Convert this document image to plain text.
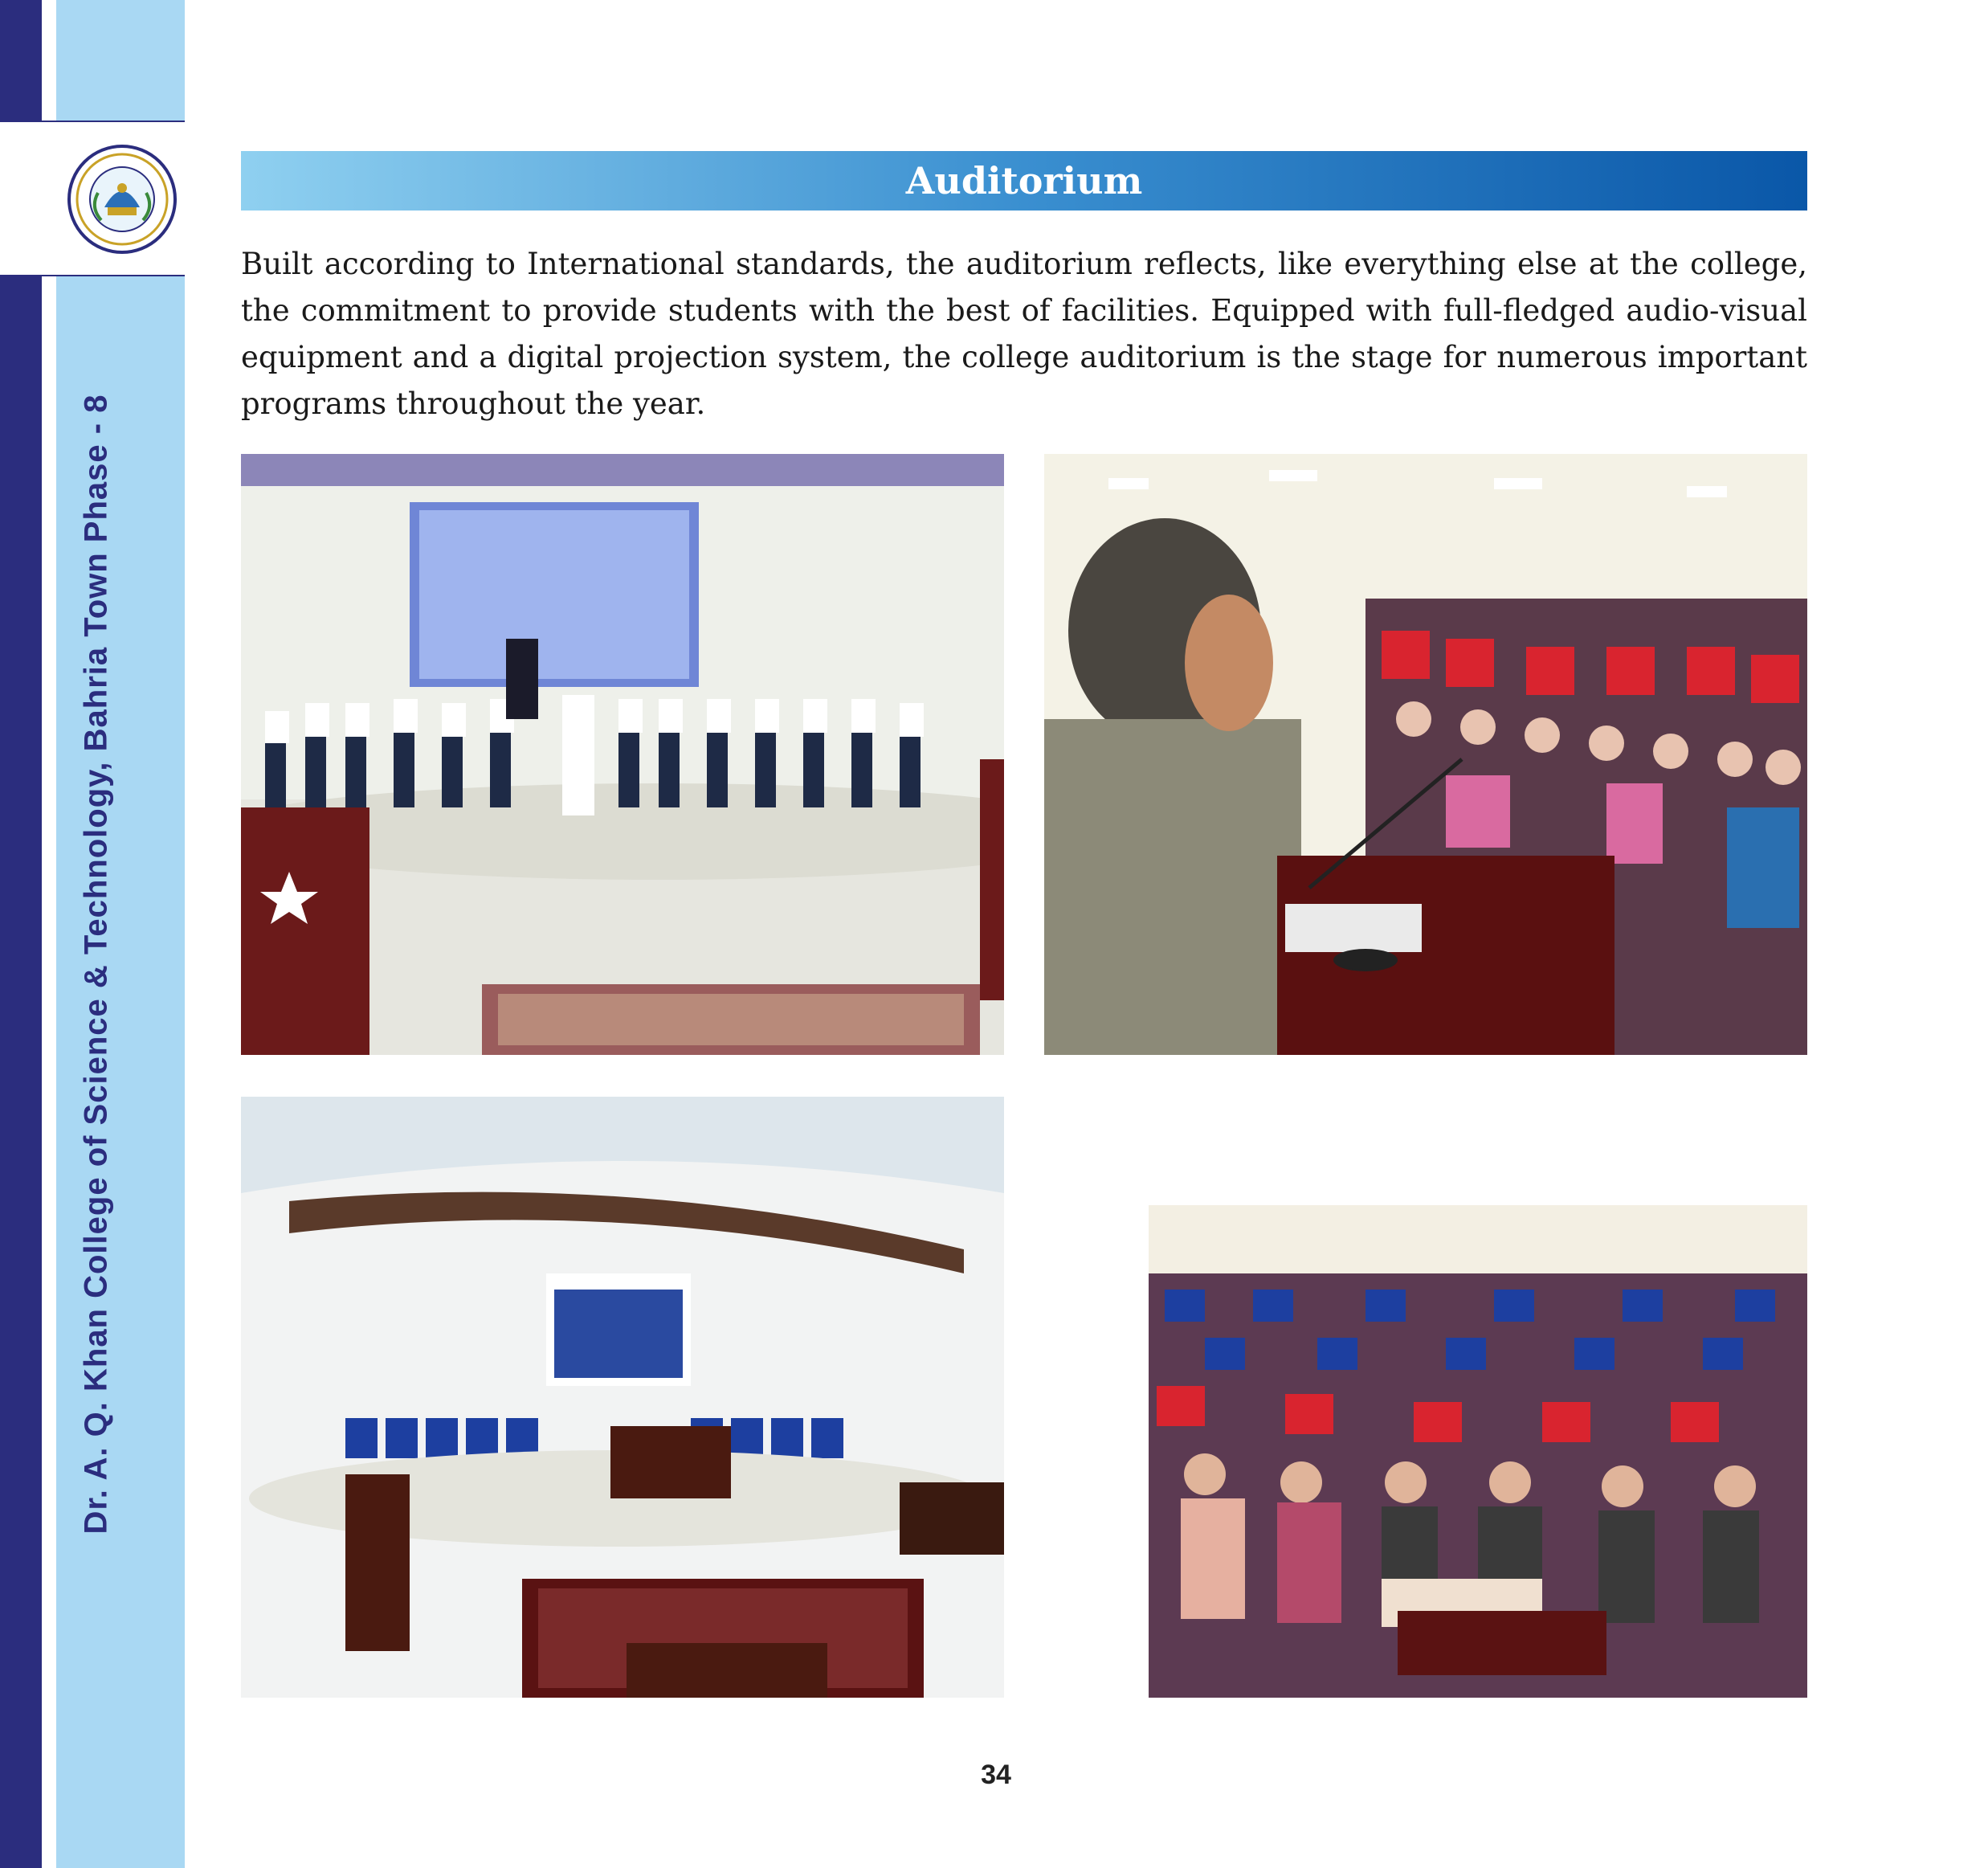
Dr. A. Q. Khan College of Science & Technology, Bahria Town Phase - 8
Auditorium
Built according to International standards, the auditorium reflects, like everything else at the college, the commitment to provide students with the best of facilities. Equipped with full-fledged audio-visual equipment and a digital projection system, the college auditorium is the stage for numerous important programs throughout the year.
34
